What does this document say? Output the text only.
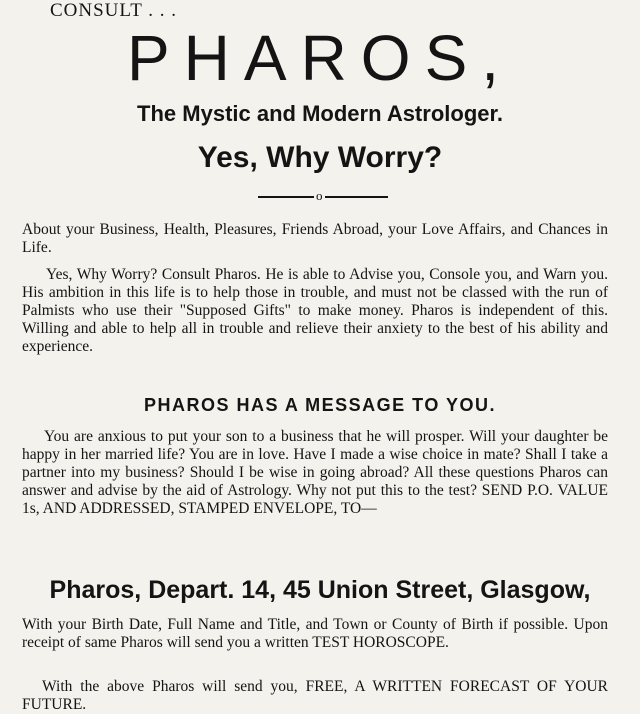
CONSULT . . .
PHAROS,
The Mystic and Modern Astrologer.
Yes, Why Worry?
o
About your Business, Health, Pleasures, Friends Abroad, your Love Affairs, and Chances in Life.
Yes, Why Worry? Consult Pharos. He is able to Advise you, Console you, and Warn you. His ambition in this life is to help those in trouble, and must not be classed with the run of Palmists who use their "Supposed Gifts" to make money. Pharos is independent of this. Willing and able to help all in trouble and relieve their anxiety to the best of his ability and experience.
PHAROS HAS A MESSAGE TO YOU.
You are anxious to put your son to a business that he will prosper. Will your daughter be happy in her married life? You are in love. Have I made a wise choice in mate? Shall I take a partner into my business? Should I be wise in going abroad? All these questions Pharos can answer and advise by the aid of Astrology. Why not put this to the test? SEND P.O. VALUE 1s, AND ADDRESSED, STAMPED ENVELOPE, TO—
Pharos, Depart. 14, 45 Union Street, Glasgow,
With your Birth Date, Full Name and Title, and Town or County of Birth if possible. Upon receipt of same Pharos will send you a written TEST HOROSCOPE.
With the above Pharos will send you, FREE, A WRITTEN FORECAST OF YOUR FUTURE.
